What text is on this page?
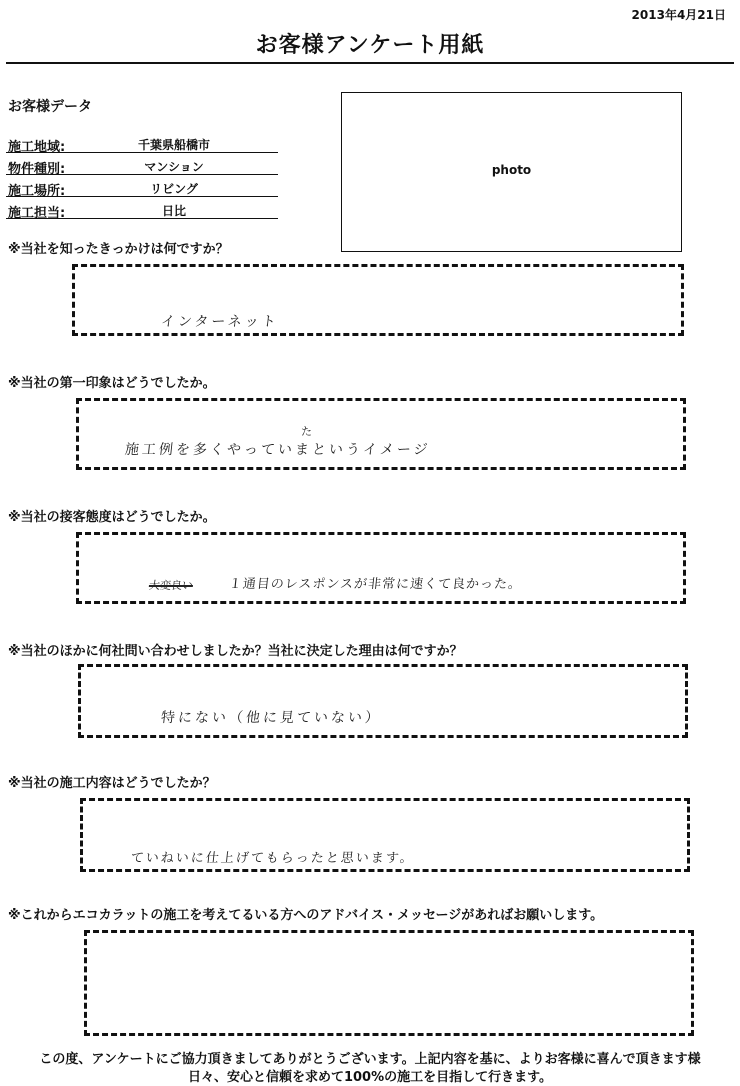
2013年4月21日
お客様アンケート用紙
お客様データ
施工地域:	千葉県船橋市
物件種別:	マンション
施工場所:	リビング
施工担当:	日比
photo
※当社を知ったきっかけは何ですか？
インターネット
※当社の第一印象はどうでしたか。
た
施工例を多くやっていまというイメージ
※当社の接客態度はどうでしたか。
大変良い	１通目のレスポンスが非常に速くて良かった。
※当社のほかに何社問い合わせしましたか？当社に決定した理由は何ですか？
特にない（他に見ていない）
※当社の施工内容はどうでしたか？
ていねいに仕上げてもらったと思います。
※これからエコカラットの施工を考えてるいる方へのアドバイス・メッセージがあればお願いします。
この度、アンケートにご協力頂きましてありがとうございます。上記内容を基に、よりお客様に喜んで頂きます様
日々、安心と信頼を求めて100%の施工を目指して行きます。
